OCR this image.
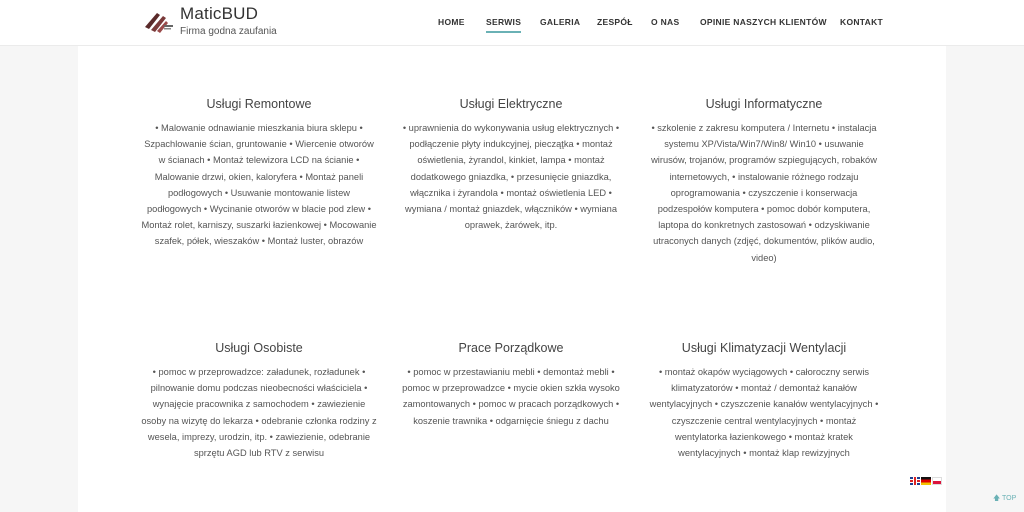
MaticBUD
Firma godna zaufania
HOME	SERWIS GALERIA ZESPÓŁ O NAS OPINIE NASZYCH KLIENTÓW KONTAKT
Usługi Remontowe

• Malowanie odnawianie mieszkania biura sklepu • Szpachlowanie ścian, gruntowanie • Wiercenie otworów w ścianach • Montaż telewizora LCD na ścianie • Malowanie drzwi, okien, kaloryfera • Montaż paneli podłogowych • Usuwanie montowanie listew podłogowych • Wycinanie otworów w blacie pod zlew • Montaż rolet, karniszy, suszarki łazienkowej • Mocowanie szafek, półek, wieszaków • Montaż luster, obrazów

Usługi Elektryczne

• uprawnienia do wykonywania usług elektrycznych • podłączenie płyty indukcyjnej, piecząţka • montaż oświetlenia, żyrandol, kinkiet, lampa • montaż dodatkowego gniazdka, • przesunięcie gniazdka, włącznika i żyrandola • montaż oświetlenia LED • wymiana / montaż gniazdek, włączników • wymiana oprawek, żarówek, itp.

Usługi Informatyczne

• szkolenie z zakresu komputera / Internetu • instalacja systemu XP/Vista/Win7/Win8/ Win10 • usuwanie wirusów, trojanów, programów szpiegujących, robaków internetowych, • instalowanie różnego rodzaju oprogramowania • czyszczenie i konserwacja podzespołów komputera • pomoc dobór komputera, laptopa do konkretnych zastosowań • odzyskiwanie utraconych danych (zdjęć, dokumentów, plików audio, video)

Usługi Osobiste

• pomoc w przeprowadzce: załadunek, rozładunek • pilnowanie domu podczas nieobecności właściciela • wynajęcie pracownika z samochodem • zawiezienie osoby na wizytę do lekarza • odebranie członka rodziny z wesela, imprezy, urodzin, itp. • zawiezienie, odebranie sprzętu AGD lub RTV z serwisu

Prace Porządkowe

• pomoc w przestawianiu mebli • demontaż mebli • pomoc w przeprowadzce • mycie okien szkła wysoko zamontowanych • pomoc w pracach porządkowych • koszenie trawnika • odgarnięcie śniegu z dachu

Usługi Klimatyzacji Wentylacji

• montaż okapów wyciągowych • całoroczny serwis klimatyzatorów • montaż / demontaż kanałów wentylacyjnych • czyszczenie kanałów wentylacyjnych • czyszczenie central wentylacyjnych • montaż wentylatorka łazienkowego • montaż kratek wentylacyjnych • montaż klap rewizyjnych

🡅 TOP
